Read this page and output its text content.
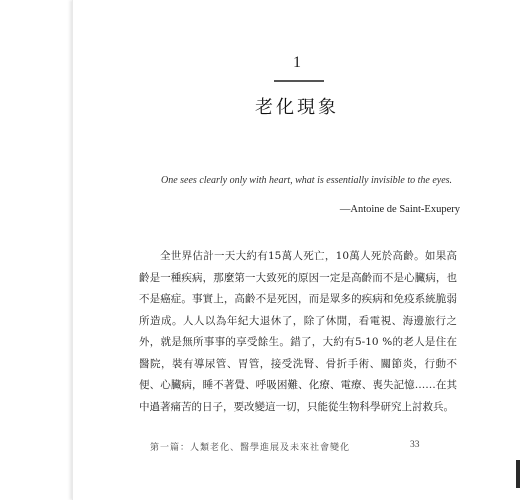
1
老化現象
One sees clearly only with heart, what is essentially invisible to the eyes.
—Antoine de Saint-Exupery
全世界估計一天大約有15萬人死亡，10萬人死於高齡。如果高齡是一種疾病，那麼第一大致死的原因一定是高齡而不是心臟病，也不是癌症。事實上，高齡不是死因，而是眾多的疾病和免疫系統脆弱所造成。人人以為年紀大退休了，除了休閒，看電視、海邊旅行之外，就是無所事事的享受餘生。錯了，大約有5-10 %的老人是住在醫院，裝有導尿管、胃管，接受洗腎、骨折手術、關節炎，行動不便、心臟病，睡不著覺、呼吸困難、化療、電療、喪失記憶……在其中過著痛苦的日子，要改變這一切，只能從生物科學研究上討救兵。
第一篇：人類老化、醫學進展及未來社會變化	33
